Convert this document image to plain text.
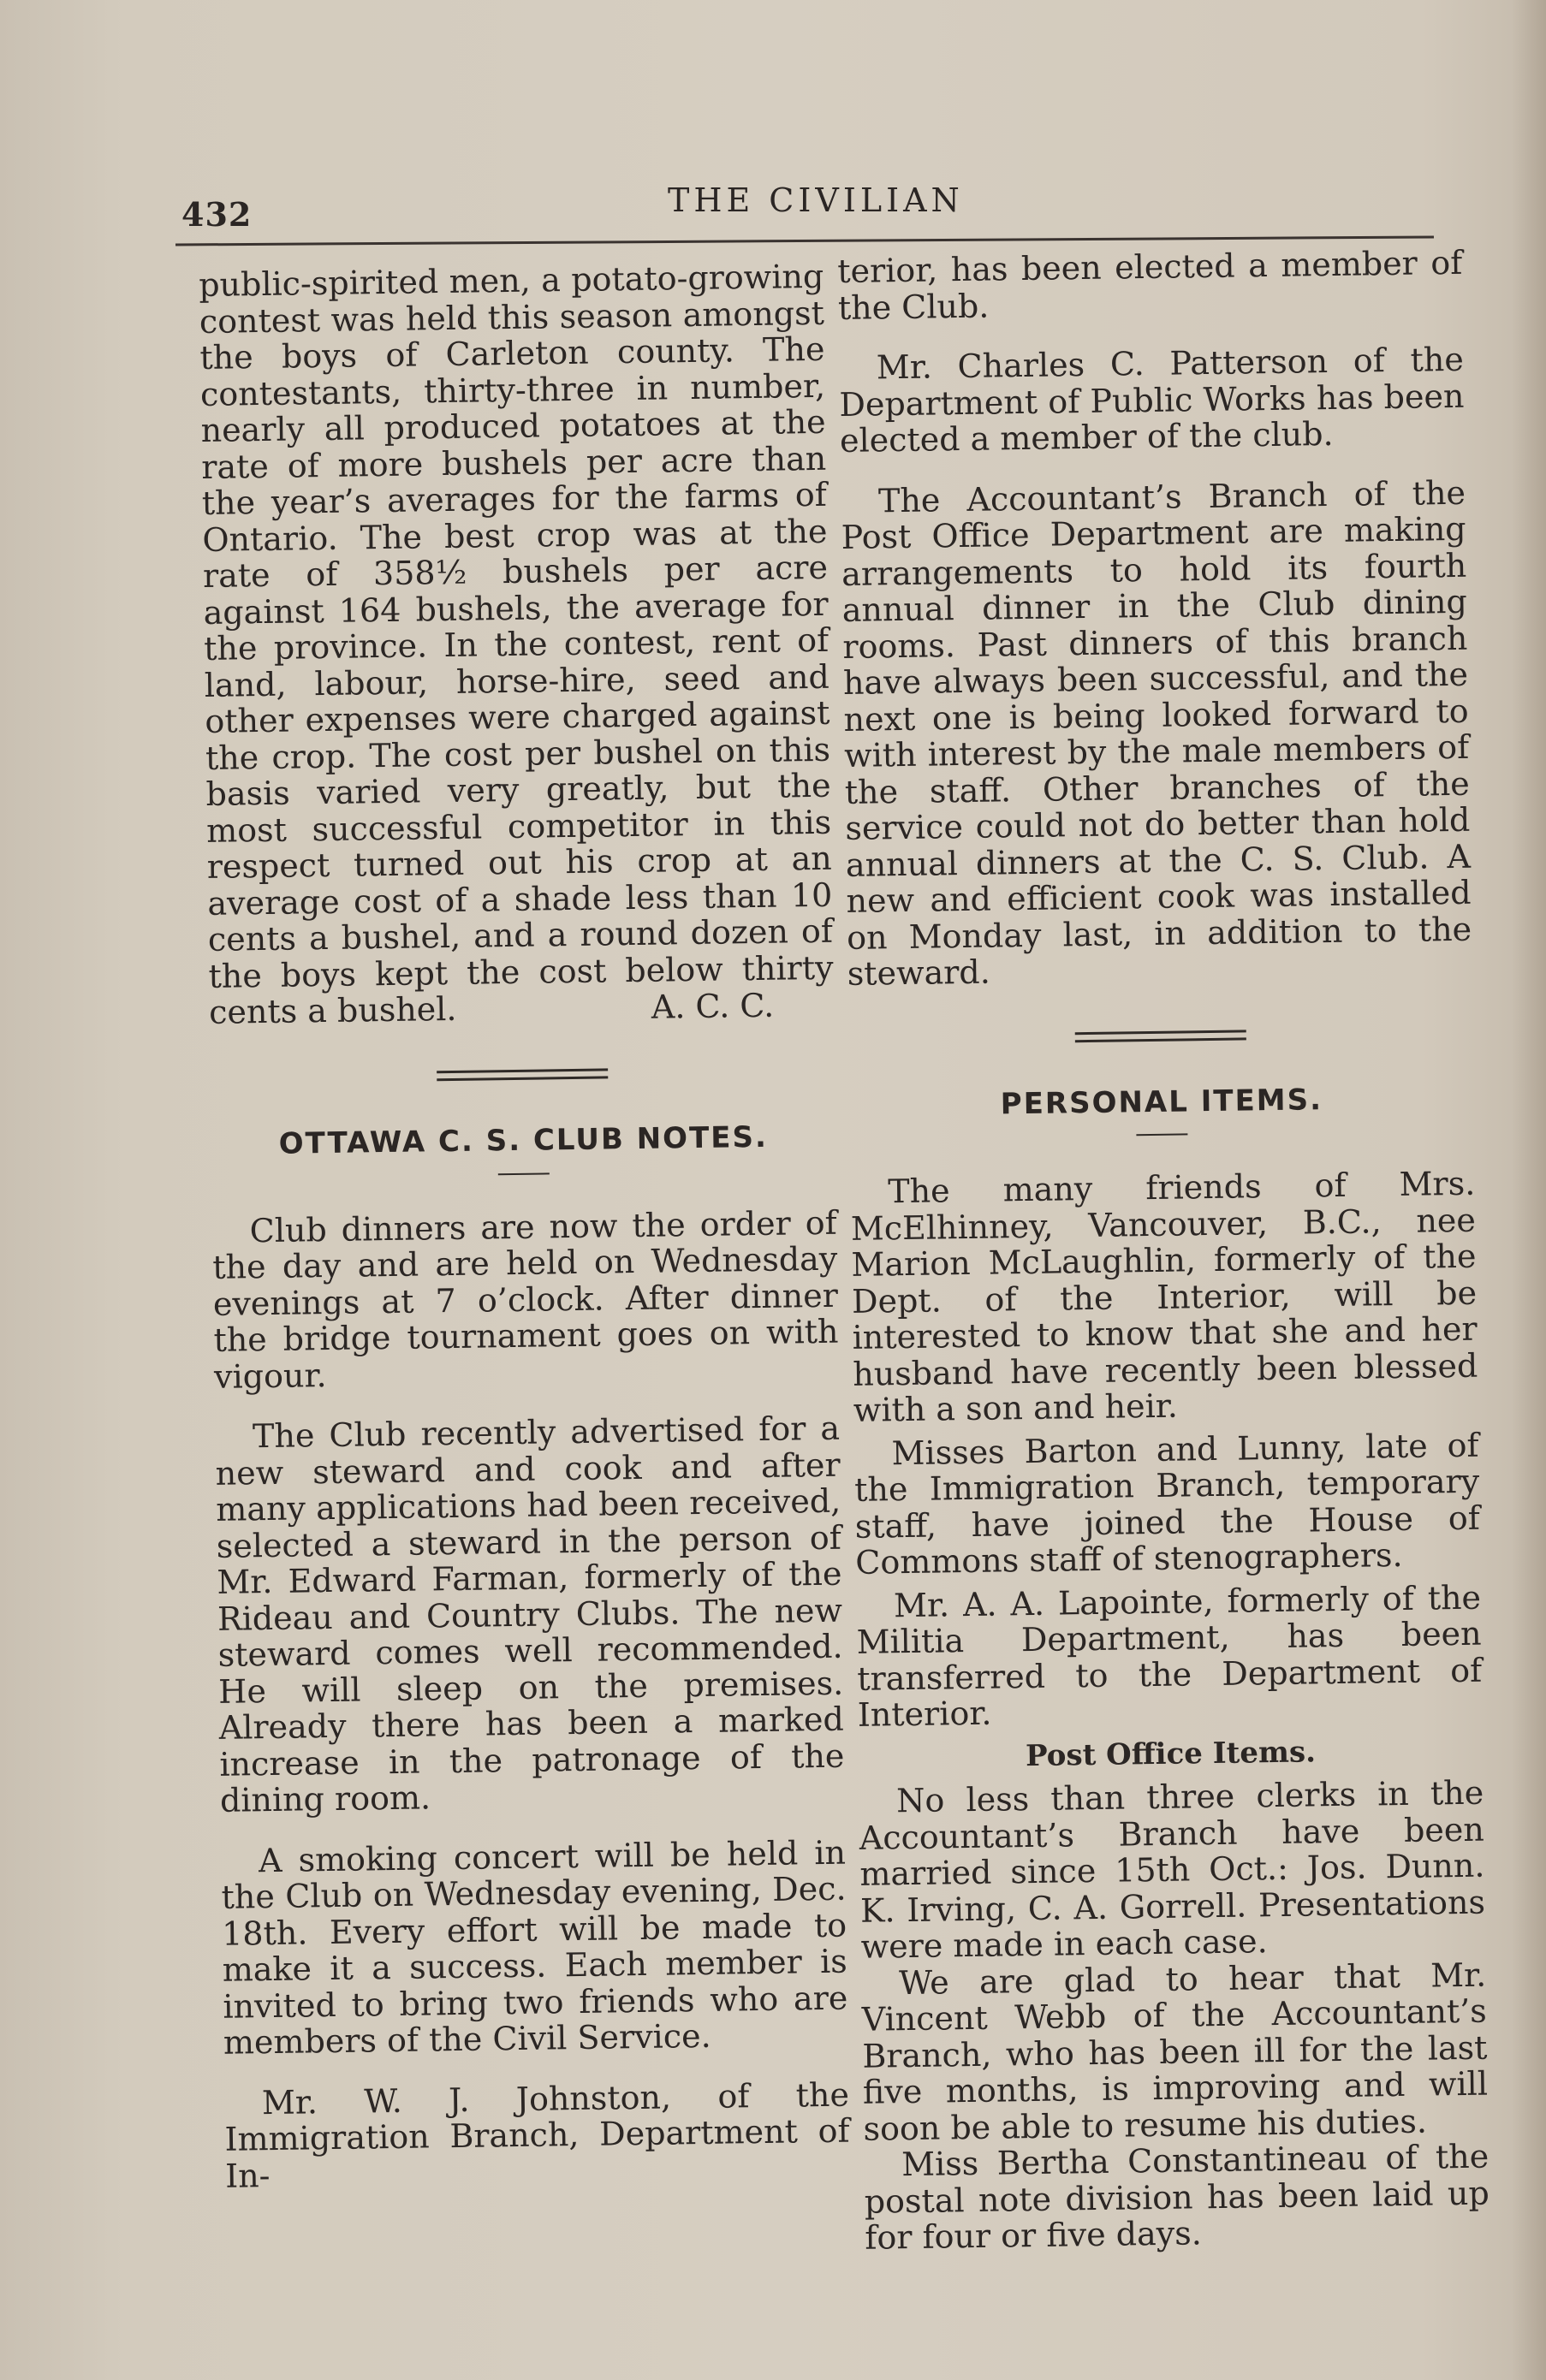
432	THE CIVILIAN

public-spirited men, a potato-growing contest was held this season amongst the boys of Carleton county. The contestants, thirty-three in number, nearly all produced potatoes at the rate of more bushels per acre than the year’s averages for the farms of Ontario. The best crop was at the rate of 358½ bushels per acre against 164 bushels, the average for the province. In the contest, rent of land, labour, horse-hire, seed and other expenses were charged against the crop. The cost per bushel on this basis varied very greatly, but the most successful competitor in this respect turned out his crop at an average cost of a shade less than 10 cents a bushel, and a round dozen of the boys kept the cost below thirty cents a bushel.	A. C. C.
OTTAWA C. S. CLUB NOTES.

Club dinners are now the order of the day and are held on Wednesday evenings at 7 o’clock. After dinner the bridge tournament goes on with vigour.

The Club recently advertised for a new steward and cook and after many applications had been received, selected a steward in the person of Mr. Edward Farman, formerly of the Rideau and Country Clubs. The new steward comes well recommended. He will sleep on the premises. Already there has been a marked increase in the patronage of the dining room.

A smoking concert will be held in the Club on Wednesday evening, Dec. 18th. Every effort will be made to make it a success. Each member is invited to bring two friends who are members of the Civil Service.

Mr. W. J. Johnston, of the Immigration Branch, Department of In-

terior, has been elected a member of the Club.

Mr. Charles C. Patterson of the Department of Public Works has been elected a member of the club.

The Accountant’s Branch of the Post Office Department are making arrangements to hold its fourth annual dinner in the Club dining rooms. Past dinners of this branch have always been successful, and the next one is being looked forward to with interest by the male members of the staff. Other branches of the service could not do better than hold annual dinners at the C. S. Club. A new and efficient cook was installed on Monday last, in addition to the steward.

PERSONAL ITEMS.

The many friends of Mrs. McElhinney, Vancouver, B.C., nee Marion McLaughlin, formerly of the Dept. of the Interior, will be interested to know that she and her husband have recently been blessed with a son and heir.

Misses Barton and Lunny, late of the Immigration Branch, temporary staff, have joined the House of Commons staff of stenographers.

Mr. A. A. Lapointe, formerly of the Militia Department, has been transferred to the Department of Interior.

Post Office Items.

No less than three clerks in the Accountant’s Branch have been married since 15th Oct.: Jos. Dunn. K. Irving, C. A. Gorrell. Presentations were made in each case.

We are glad to hear that Mr. Vincent Webb of the Accountant’s Branch, who has been ill for the last five months, is improving and will soon be able to resume his duties.

Miss Bertha Constantineau of the postal note division has been laid up for four or five days.
